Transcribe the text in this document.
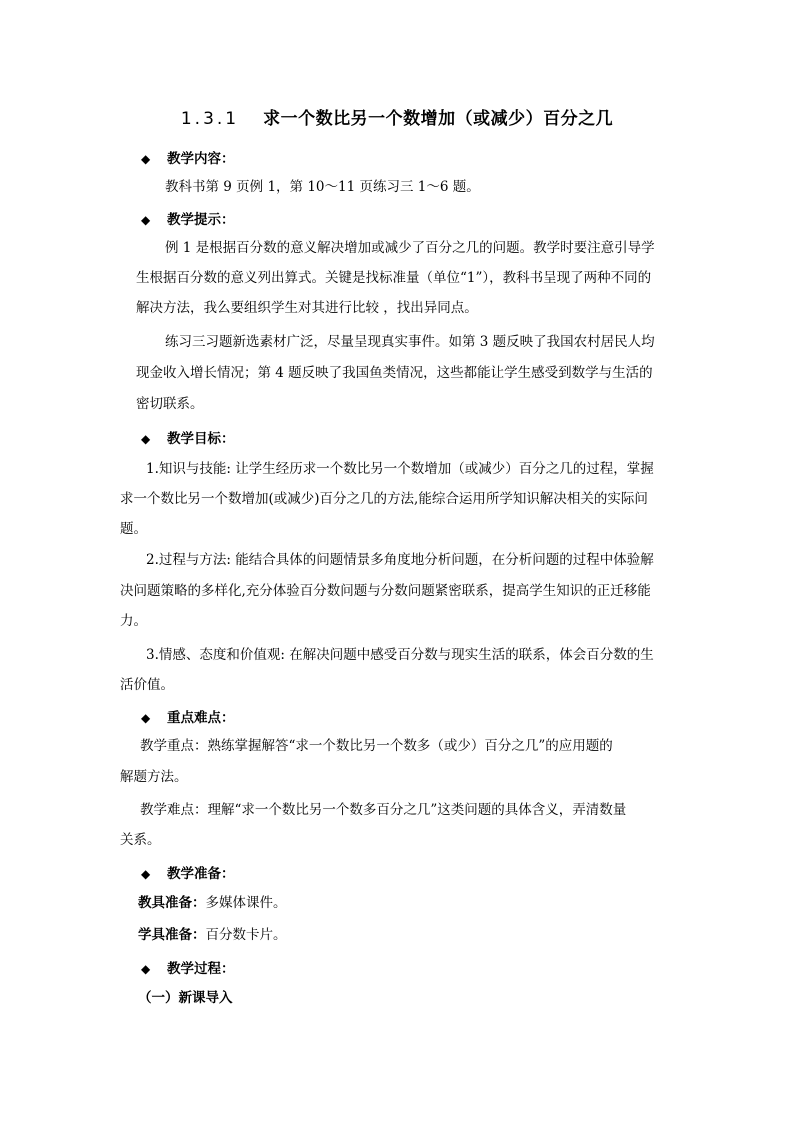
1.3.1 求一个数比另一个数增加（或减少）百分之几
◆ 教学内容：
教科书第 9 页例 1，第 10～11 页练习三 1～6 题。
◆ 教学提示：
例 1 是根据百分数的意义解决增加或减少了百分之几的问题。教学时要注意引导学
生根据百分数的意义列出算式。关键是找标准量（单位“1”），教科书呈现了两种不同的
解决方法，我么要组织学生对其进行比较 ，找出异同点。
练习三习题新选素材广泛，尽量呈现真实事件。如第 3 题反映了我国农村居民人均
现金收入增长情况；第 4 题反映了我国鱼类情况，这些都能让学生感受到数学与生活的
密切联系。
◆ 教学目标：
1.知识与技能: 让学生经历求一个数比另一个数增加（或减少）百分之几的过程，掌握
求一个数比另一个数增加(或减少)百分之几的方法,能综合运用所学知识解决相关的实际问
题。
2.过程与方法: 能结合具体的问题情景多角度地分析问题，在分析问题的过程中体验解
决问题策略的多样化,充分体验百分数问题与分数问题紧密联系，提高学生知识的正迁移能
力。
3.情感、态度和价值观: 在解决问题中感受百分数与现实生活的联系，体会百分数的生
活价值。
◆ 重点难点：
教学重点：熟练掌握解答“求一个数比另一个数多（或少）百分之几”的应用题的
解题方法。
教学难点：理解“求一个数比另一个数多百分之几”这类问题的具体含义，弄清数量
关系。
◆ 教学准备：
教具准备：多媒体课件。
学具准备：百分数卡片。
◆ 教学过程：
（一）新课导入
